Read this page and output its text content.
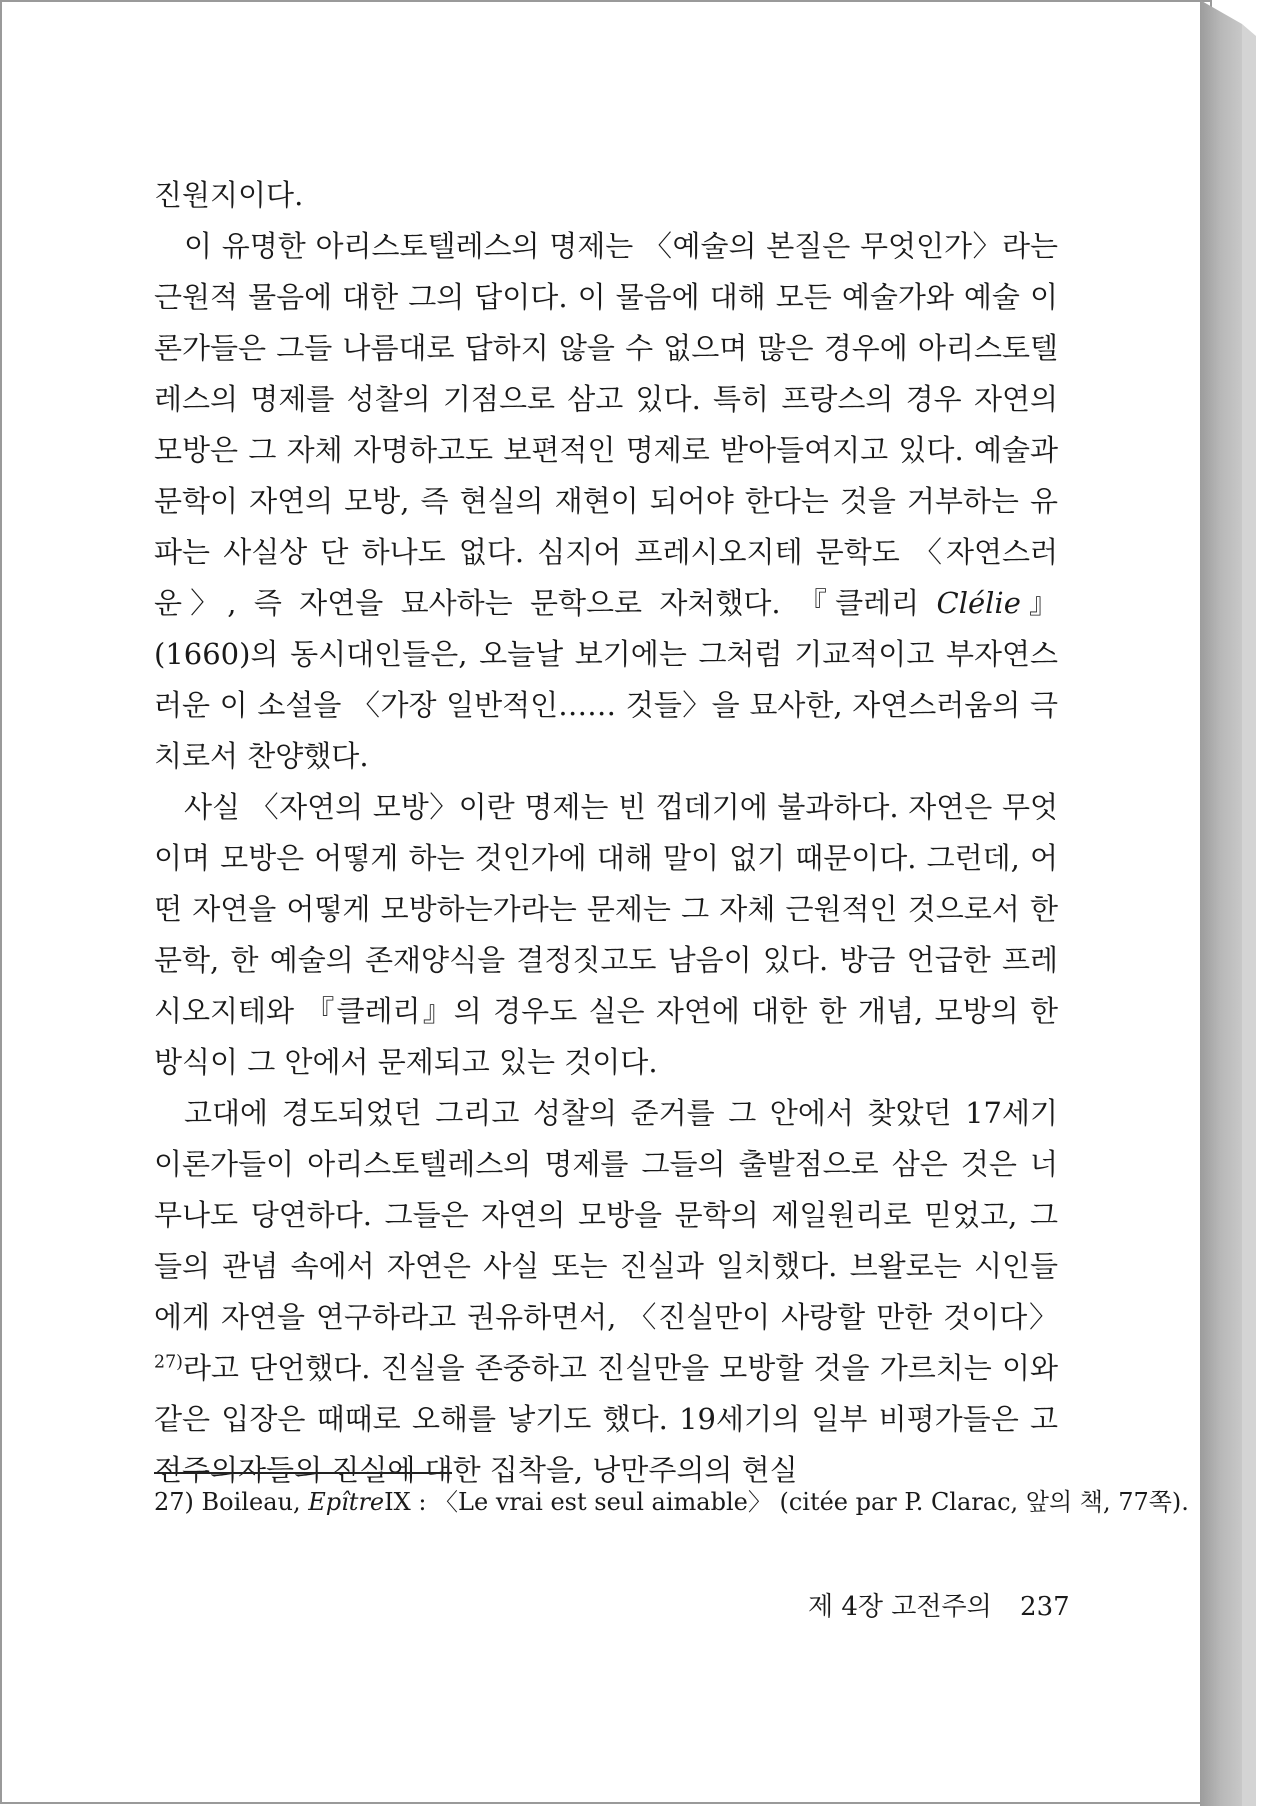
진원지이다.

이 유명한 아리스토텔레스의 명제는 〈예술의 본질은 무엇인가〉라는 근원적 물음에 대한 그의 답이다. 이 물음에 대해 모든 예술가와 예술 이론가들은 그들 나름대로 답하지 않을 수 없으며 많은 경우에 아리스토텔레스의 명제를 성찰의 기점으로 삼고 있다. 특히 프랑스의 경우 자연의 모방은 그 자체 자명하고도 보편적인 명제로 받아들여지고 있다. 예술과 문학이 자연의 모방, 즉 현실의 재현이 되어야 한다는 것을 거부하는 유파는 사실상 단 하나도 없다. 심지어 프레시오지테 문학도 〈자연스러운〉, 즉 자연을 묘사하는 문학으로 자처했다. 『클레리 Clélie』(1660)의 동시대인들은, 오늘날 보기에는 그처럼 기교적이고 부자연스러운 이 소설을 〈가장 일반적인…… 것들〉을 묘사한, 자연스러움의 극치로서 찬양했다.

사실 〈자연의 모방〉이란 명제는 빈 껍데기에 불과하다. 자연은 무엇이며 모방은 어떻게 하는 것인가에 대해 말이 없기 때문이다. 그런데, 어떤 자연을 어떻게 모방하는가라는 문제는 그 자체 근원적인 것으로서 한 문학, 한 예술의 존재양식을 결정짓고도 남음이 있다. 방금 언급한 프레시오지테와 『클레리』의 경우도 실은 자연에 대한 한 개념, 모방의 한 방식이 그 안에서 문제되고 있는 것이다.

고대에 경도되었던 그리고 성찰의 준거를 그 안에서 찾았던 17세기 이론가들이 아리스토텔레스의 명제를 그들의 출발점으로 삼은 것은 너무나도 당연하다. 그들은 자연의 모방을 문학의 제일원리로 믿었고, 그들의 관념 속에서 자연은 사실 또는 진실과 일치했다. 브왈로는 시인들에게 자연을 연구하라고 권유하면서, 〈진실만이 사랑할 만한 것이다〉$^{27)}$라고 단언했다. 진실을 존중하고 진실만을 모방할 것을 가르치는 이와 같은 입장은 때때로 오해를 낳기도 했다. 19세기의 일부 비평가들은 고전주의자들의 진실에 대한 집착을, 낭만주의의 현실

27) Boileau, EpîtreIX : 〈Le vrai est seul aimable〉 (citée par P. Clarac, 앞의 책, 77쪽).
제 4장 고전주의 237
